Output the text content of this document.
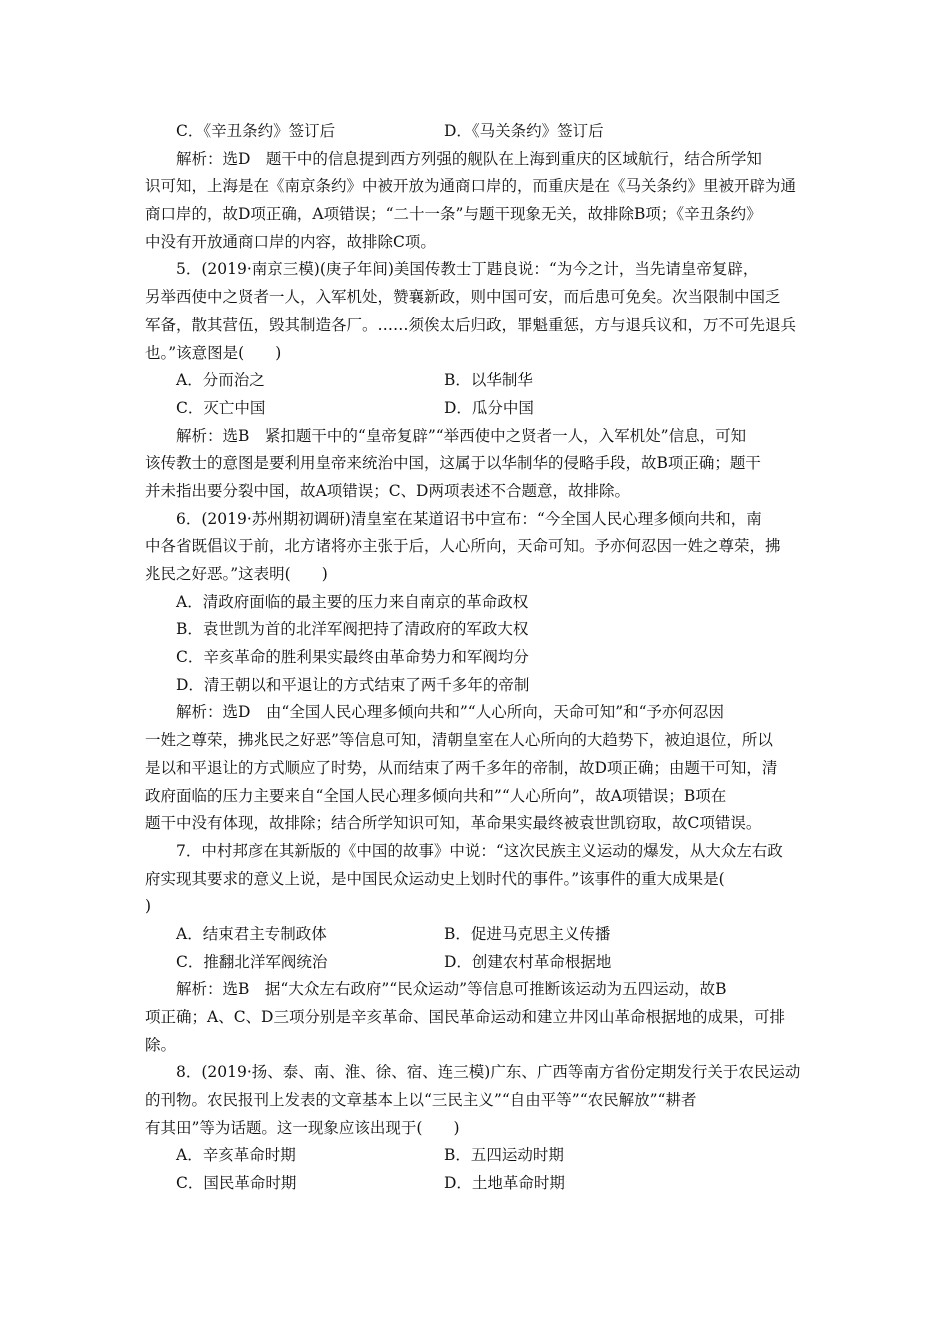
C．《辛丑条约》签订后	D．《马关条约》签订后
解析：选D　题干中的信息提到西方列强的舰队在上海到重庆的区域航行，结合所学知
识可知，上海是在《南京条约》中被开放为通商口岸的，而重庆是在《马关条约》里被开辟为通
商口岸的，故D项正确，A项错误；“二十一条”与题干现象无关，故排除B项；《辛丑条约》
中没有开放通商口岸的内容，故排除C项。
5．(2019·南京三模)(庚子年间)美国传教士丁韪良说：“为今之计，当先请皇帝复辟，
另举西使中之贤者一人，入军机处，赞襄新政，则中国可安，而后患可免矣。次当限制中国乏
军备，散其营伍，毁其制造各厂。……须俟太后归政，罪魁重惩，方与退兵议和，万不可先退兵
也。”该意图是(　　)
A．分而治之	B．以华制华
C．灭亡中国	D．瓜分中国
解析：选B　紧扣题干中的“皇帝复辟”“举西使中之贤者一人，入军机处”信息，可知
该传教士的意图是要利用皇帝来统治中国，这属于以华制华的侵略手段，故B项正确；题干
并未指出要分裂中国，故A项错误；C、D两项表述不合题意，故排除。
6．(2019·苏州期初调研)清皇室在某道诏书中宣布：“今全国人民心理多倾向共和，南
中各省既倡议于前，北方诸将亦主张于后，人心所向，天命可知。予亦何忍因一姓之尊荣，拂
兆民之好恶。”这表明(　　)
A．清政府面临的最主要的压力来自南京的革命政权
B．袁世凯为首的北洋军阀把持了清政府的军政大权
C．辛亥革命的胜利果实最终由革命势力和军阀均分
D．清王朝以和平退让的方式结束了两千多年的帝制
解析：选D　由“全国人民心理多倾向共和”“人心所向，天命可知”和“予亦何忍因
一姓之尊荣，拂兆民之好恶”等信息可知，清朝皇室在人心所向的大趋势下，被迫退位，所以
是以和平退让的方式顺应了时势，从而结束了两千多年的帝制，故D项正确；由题干可知，清
政府面临的压力主要来自“全国人民心理多倾向共和”“人心所向”，故A项错误；B项在
题干中没有体现，故排除；结合所学知识可知，革命果实最终被袁世凯窃取，故C项错误。
7．中村邦彦在其新版的《中国的故事》中说：“这次民族主义运动的爆发，从大众左右政
府实现其要求的意义上说，是中国民众运动史上划时代的事件。”该事件的重大成果是(
)
A．结束君主专制政体	B．促进马克思主义传播
C．推翻北洋军阀统治	D．创建农村革命根据地
解析：选B　据“大众左右政府”“民众运动”等信息可推断该运动为五四运动，故B
项正确；A、C、D三项分别是辛亥革命、国民革命运动和建立井冈山革命根据地的成果，可排
除。
8．(2019·扬、泰、南、淮、徐、宿、连三模)广东、广西等南方省份定期发行关于农民运动
的刊物。农民报刊上发表的文章基本上以“三民主义”“自由平等”“农民解放”“耕者
有其田”等为话题。这一现象应该出现于(　　)
A．辛亥革命时期	B．五四运动时期
C．国民革命时期	D．土地革命时期
